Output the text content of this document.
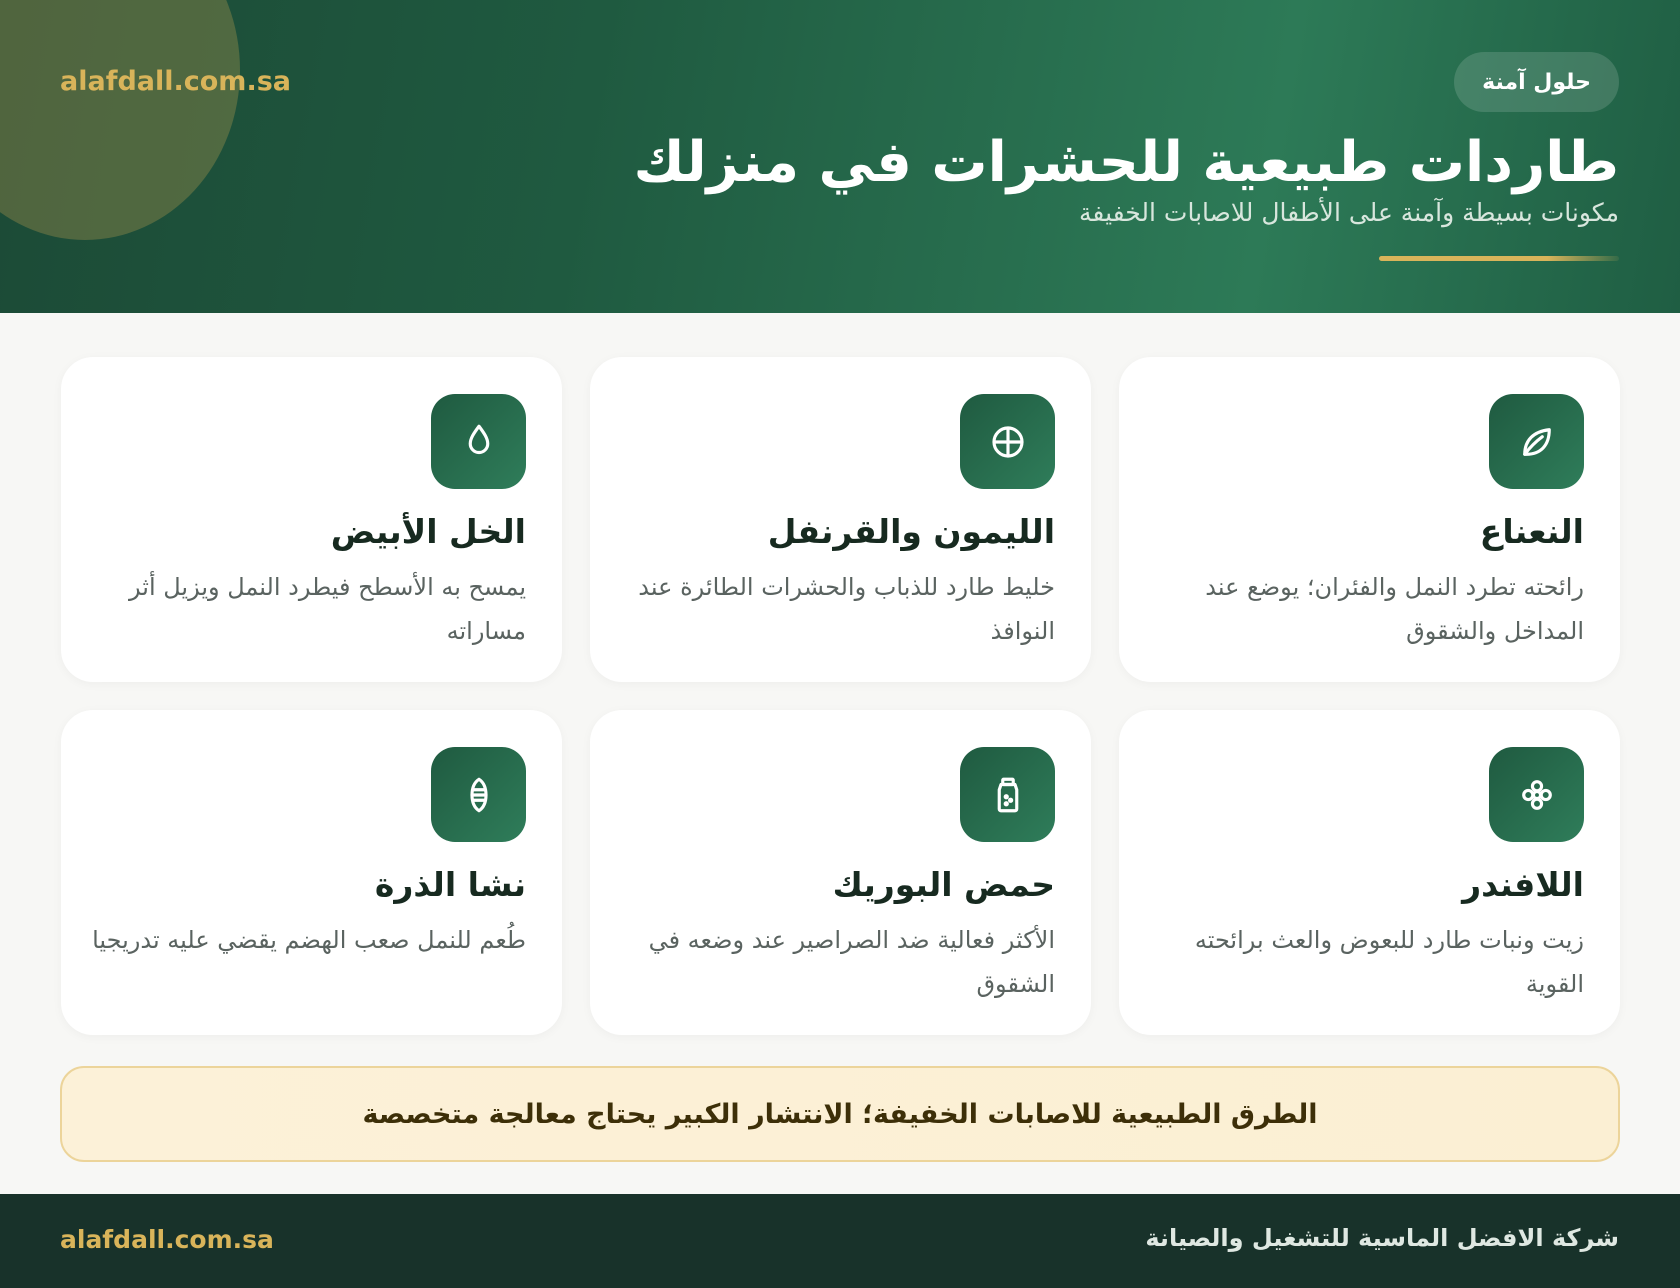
alafdall.com.sa	حلول آمنة
طاردات طبيعية للحشرات في منزلك
مكونات بسيطة وآمنة على الأطفال للاصابات الخفيفة
النعناع
رائحته تطرد النمل والفئران؛ يوضع عند المداخل والشقوق
الليمون والقرنفل
خليط طارد للذباب والحشرات الطائرة عند النوافذ
الخل الأبيض
يمسح به الأسطح فيطرد النمل ويزيل أثر مساراته
اللافندر
زيت ونبات طارد للبعوض والعث برائحته القوية
حمض البوريك
الأكثر فعالية ضد الصراصير عند وضعه في الشقوق
نشا الذرة
طُعم للنمل صعب الهضم يقضي عليه تدريجيا
الطرق الطبيعية للاصابات الخفيفة؛ الانتشار الكبير يحتاج معالجة متخصصة
شركة الافضل الماسية للتشغيل والصيانة
alafdall.com.sa
